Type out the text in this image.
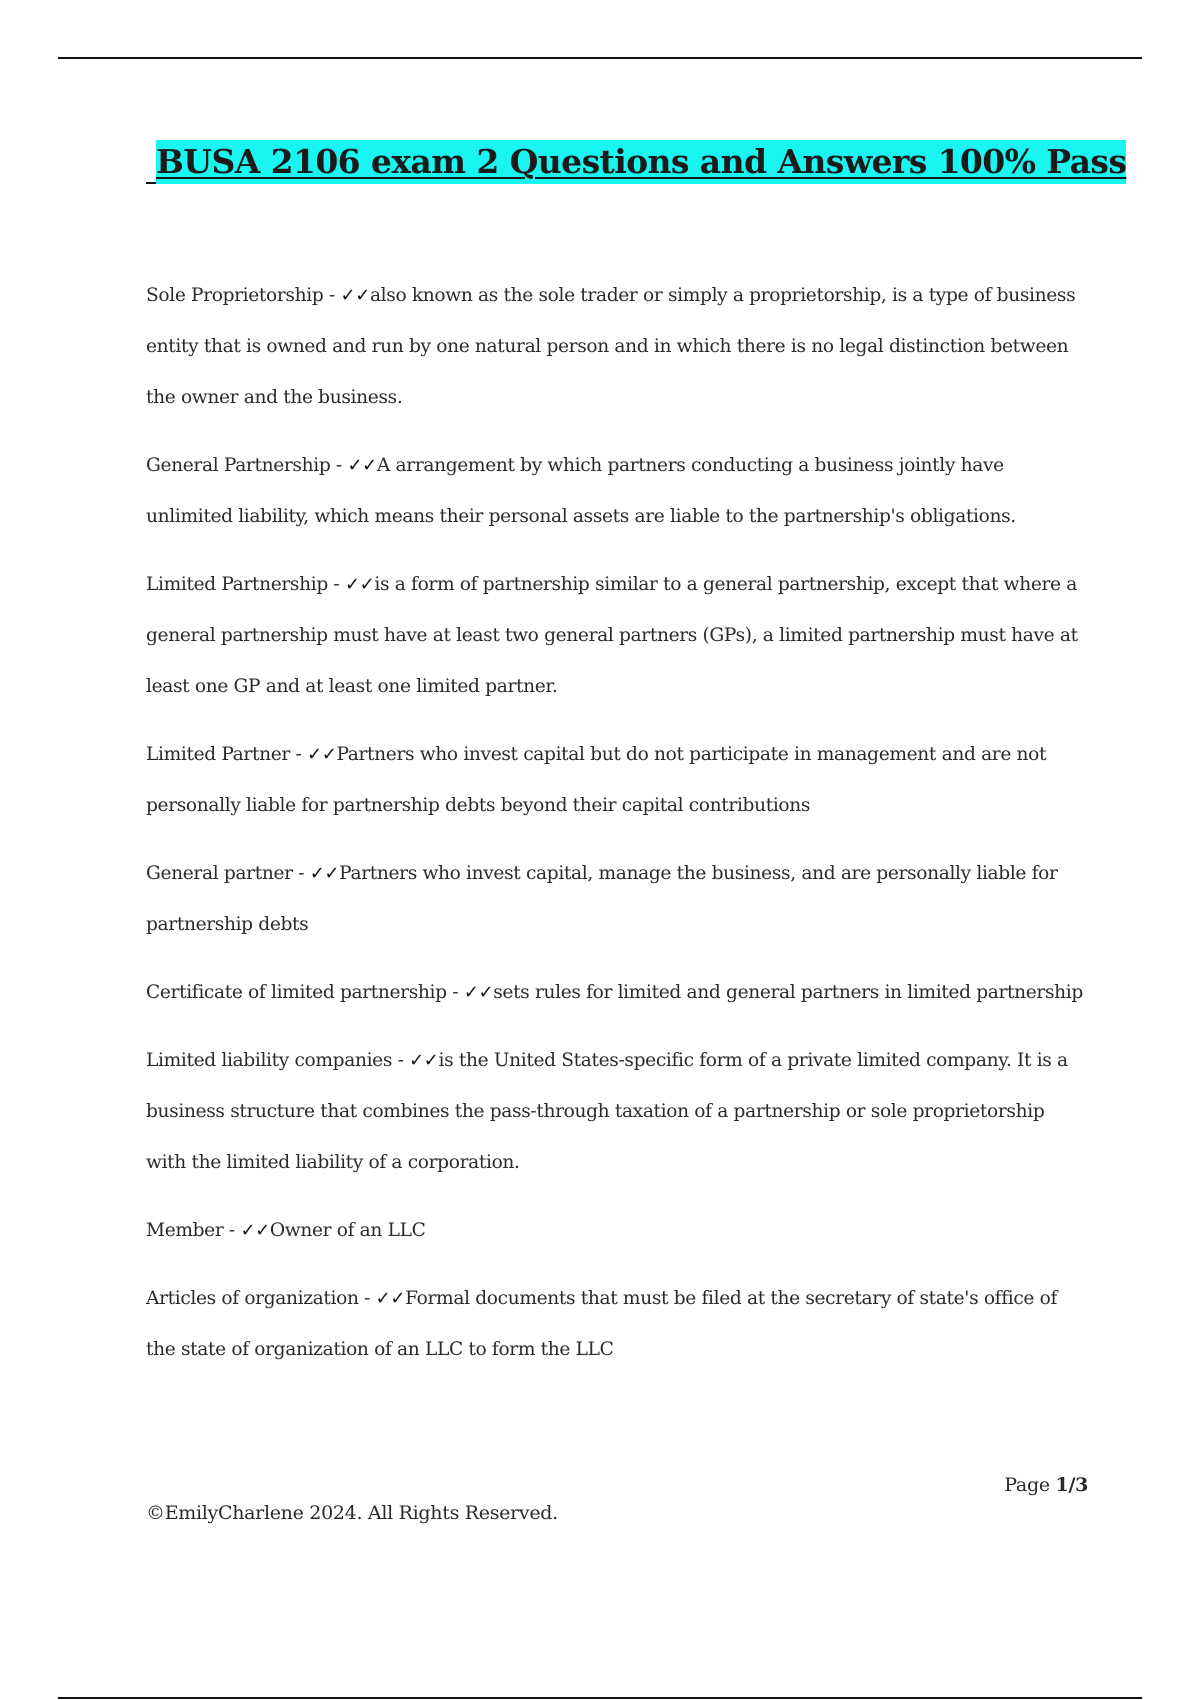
BUSA 2106 exam 2 Questions and Answers 100% Pass

Sole Proprietorship - ✓✓also known as the sole trader or simply a proprietorship, is a type of business entity that is owned and run by one natural person and in which there is no legal distinction between the owner and the business.

General Partnership - ✓✓A arrangement by which partners conducting a business jointly have unlimited liability, which means their personal assets are liable to the partnership's obligations.

Limited Partnership - ✓✓is a form of partnership similar to a general partnership, except that where a general partnership must have at least two general partners (GPs), a limited partnership must have at least one GP and at least one limited partner.

Limited Partner - ✓✓Partners who invest capital but do not participate in management and are not personally liable for partnership debts beyond their capital contributions

General partner - ✓✓Partners who invest capital, manage the business, and are personally liable for partnership debts

Certificate of limited partnership - ✓✓sets rules for limited and general partners in limited partnership

Limited liability companies - ✓✓is the United States-specific form of a private limited company. It is a business structure that combines the pass-through taxation of a partnership or sole proprietorship with the limited liability of a corporation.

Member - ✓✓Owner of an LLC

Articles of organization - ✓✓Formal documents that must be filed at the secretary of state's office of the state of organization of an LLC to form the LLC

Page 1/3
©EmilyCharlene 2024. All Rights Reserved.
